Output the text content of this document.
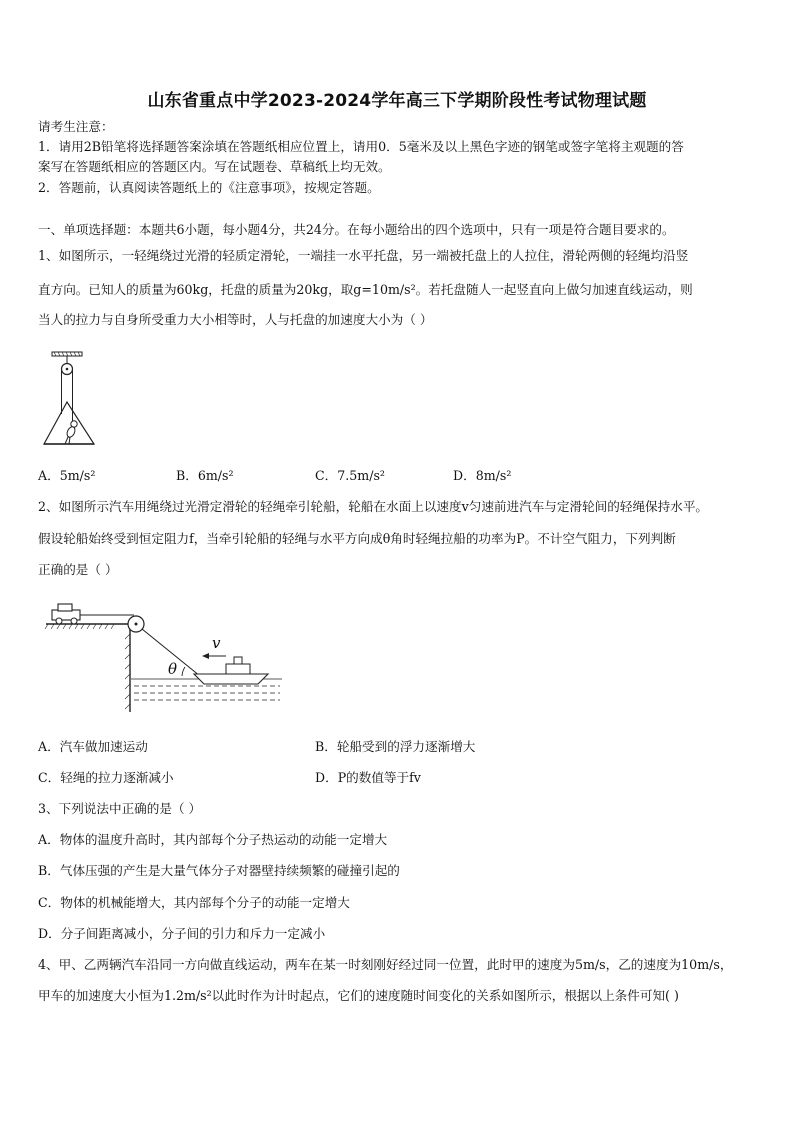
山东省重点中学2023-2024学年高三下学期阶段性考试物理试题
请考生注意：
1．请用2B铅笔将选择题答案涂填在答题纸相应位置上，请用0．5毫米及以上黑色字迹的钢笔或签字笔将主观题的答
案写在答题纸相应的答题区内。写在试题卷、草稿纸上均无效。
2．答题前，认真阅读答题纸上的《注意事项》，按规定答题。
一、单项选择题：本题共6小题，每小题4分，共24分。在每小题给出的四个选项中，只有一项是符合题目要求的。
1、如图所示，一轻绳绕过光滑的轻质定滑轮，一端挂一水平托盘，另一端被托盘上的人拉住，滑轮两侧的轻绳均沿竖
直方向。已知人的质量为60kg，托盘的质量为20kg，取g=10m/s²。若托盘随人一起竖直向上做匀加速直线运动，则
当人的拉力与自身所受重力大小相等时，人与托盘的加速度大小为（ ）
A．5m/s²	B．6m/s²	C．7.5m/s²	D．8m/s²
2、如图所示汽车用绳绕过光滑定滑轮的轻绳牵引轮船，轮船在水面上以速度v匀速前进汽车与定滑轮间的轻绳保持水平。
假设轮船始终受到恒定阻力f，当牵引轮船的轻绳与水平方向成θ角时轻绳拉船的功率为P。不计空气阻力，下列判断
正确的是（ ）
v
θ
A．汽车做加速运动	B．轮船受到的浮力逐渐增大
C．轻绳的拉力逐渐减小	D．P的数值等于fv
3、下列说法中正确的是（ ）
A．物体的温度升高时，其内部每个分子热运动的动能一定增大
B．气体压强的产生是大量气体分子对器壁持续频繁的碰撞引起的
C．物体的机械能增大，其内部每个分子的动能一定增大
D．分子间距离减小，分子间的引力和斥力一定减小
4、甲、乙两辆汽车沿同一方向做直线运动，两车在某一时刻刚好经过同一位置，此时甲的速度为5m/s，乙的速度为10m/s，
甲车的加速度大小恒为1.2m/s²以此时作为计时起点，它们的速度随时间变化的关系如图所示，根据以上条件可知( )
